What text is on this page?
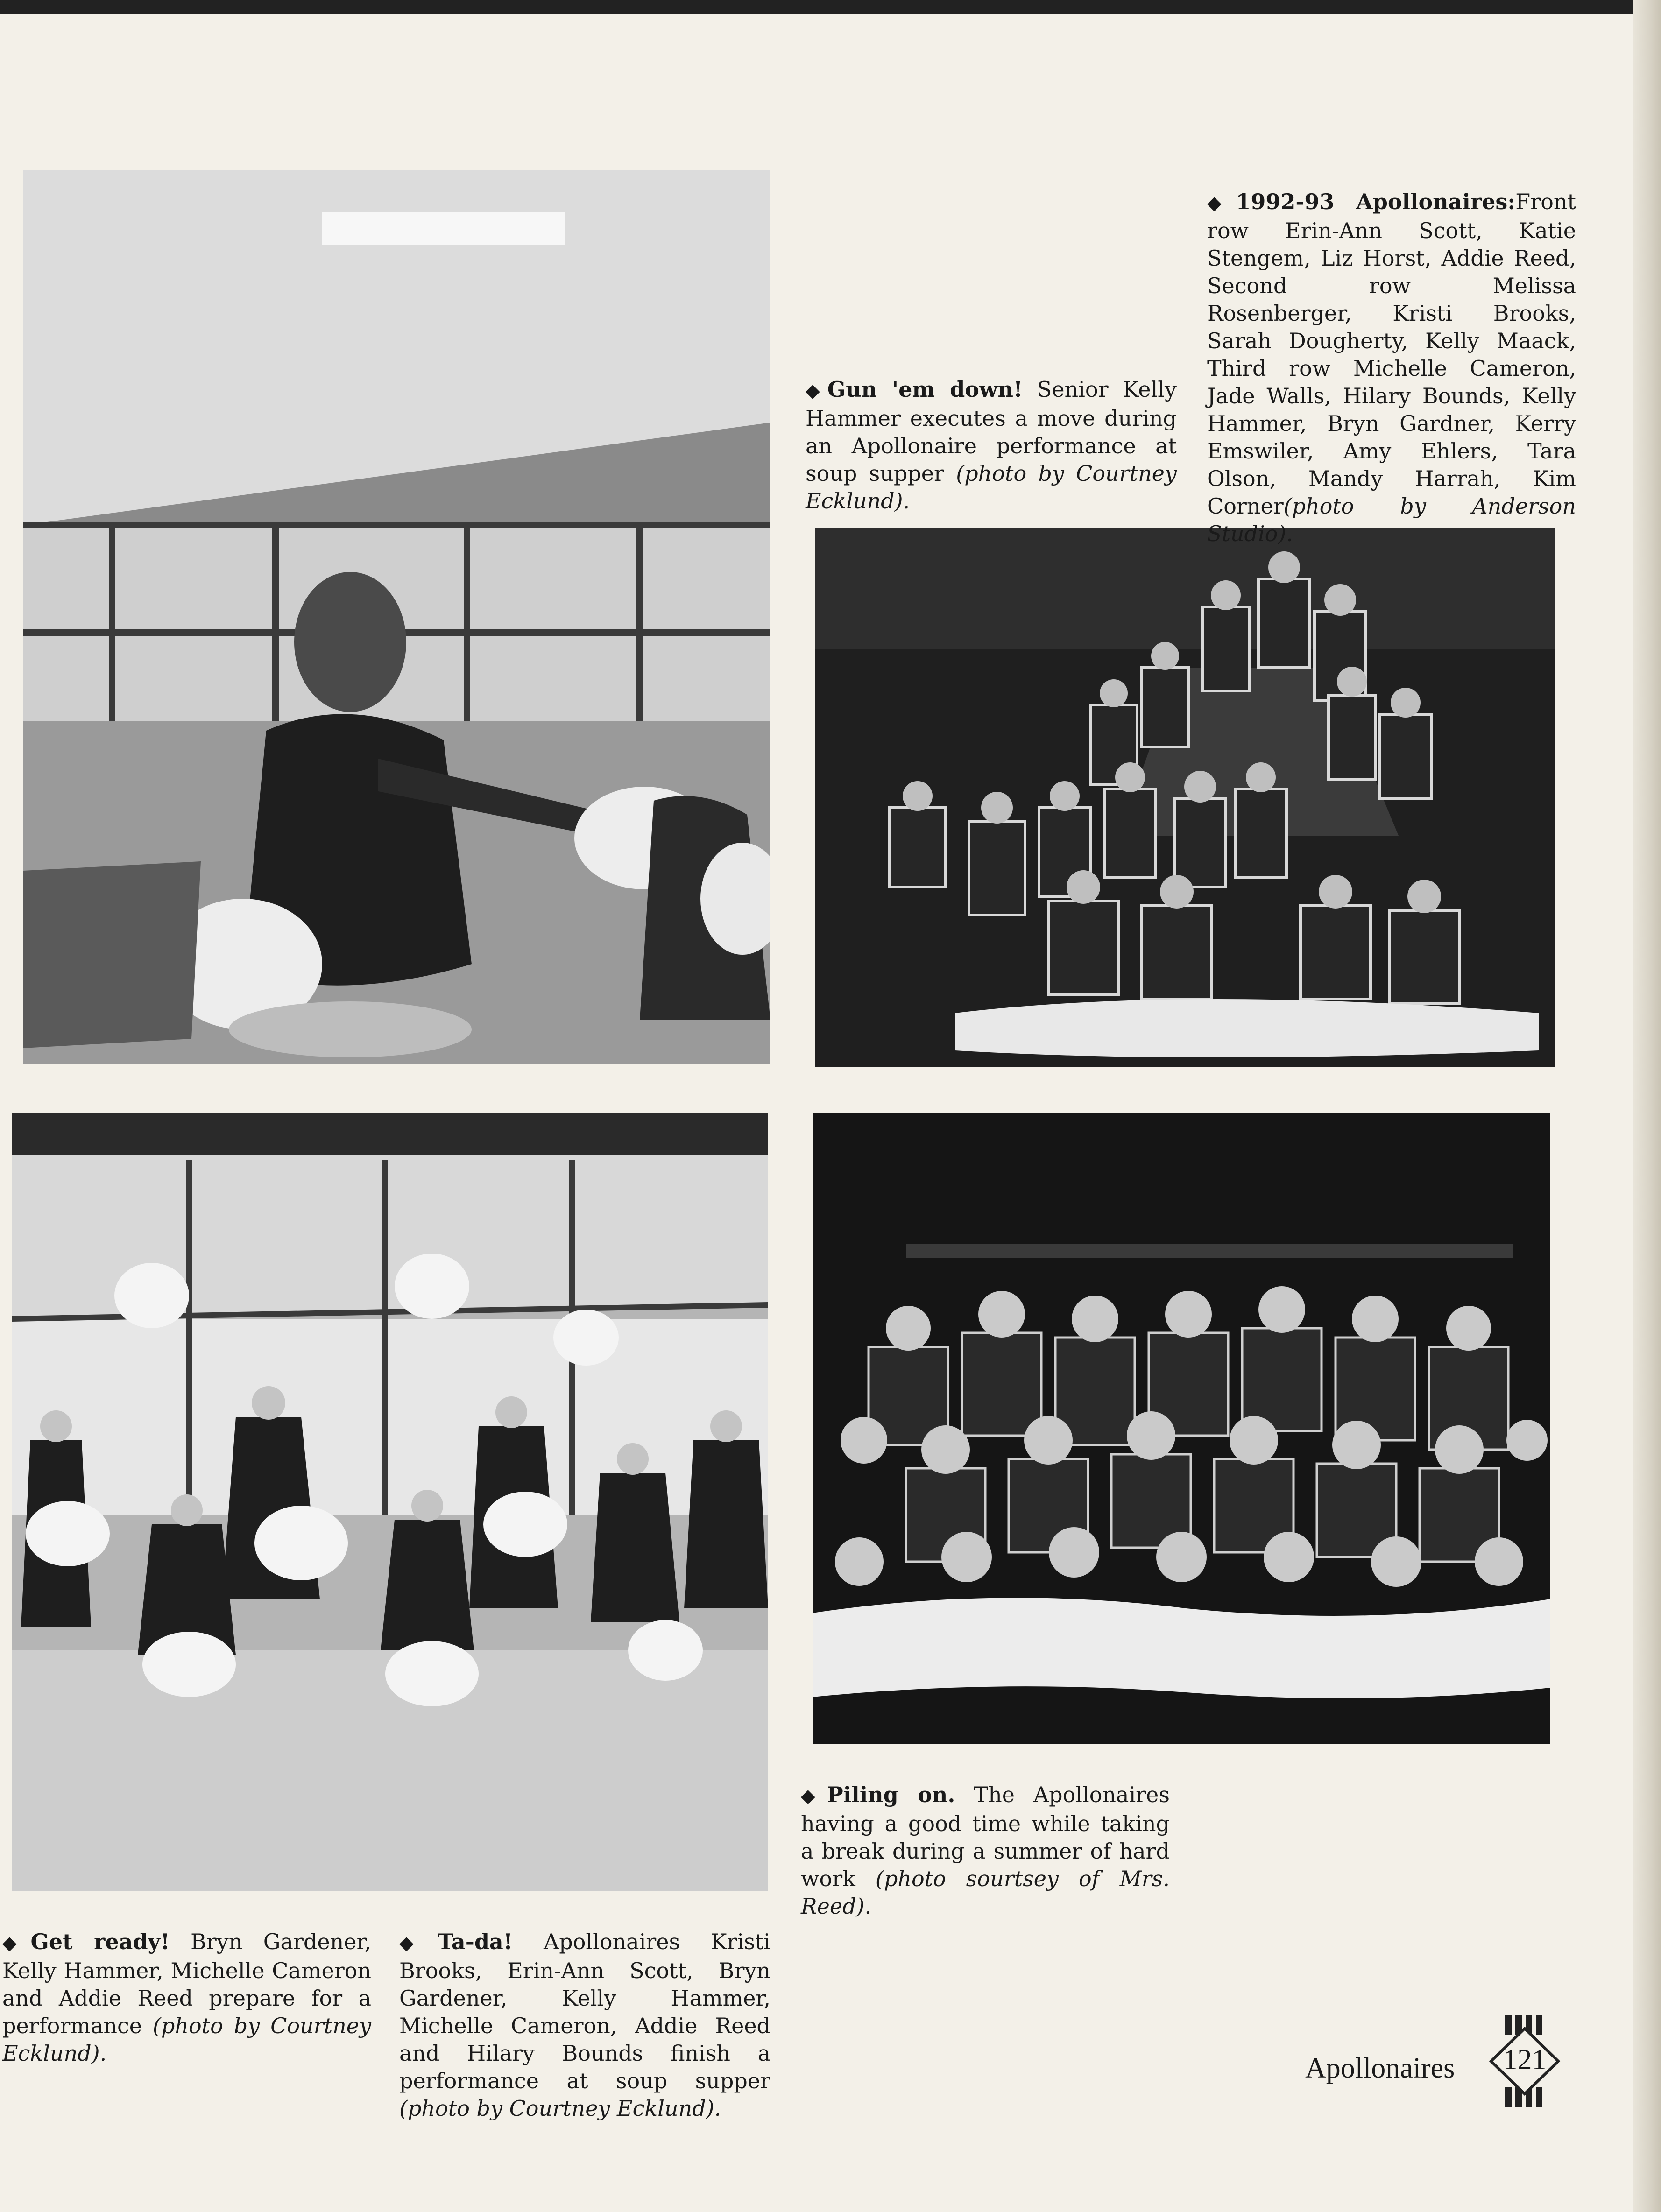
◆Gun 'em down! Senior Kelly Hammer executes a move during an Apollonaire performance at soup supper (photo by Courtney Ecklund).
◆1992-93 Apollonaires:Front row Erin-Ann Scott, Katie Stengem, Liz Horst, Addie Reed, Second row Melissa Rosenberger, Kristi Brooks, Sarah Dougherty, Kelly Maack, Third row Michelle Cameron, Jade Walls, Hilary Bounds, Kelly Hammer, Bryn Gardner, Kerry Emswiler, Amy Ehlers, Tara Olson, Mandy Harrah, Kim Corner(photo by Anderson Studio).
◆Piling on. The Apollonaires having a good time while taking a break during a summer of hard work (photo sourtsey of Mrs. Reed).
◆Get ready! Bryn Gardener, Kelly Hammer, Michelle Cameron and Addie Reed prepare for a performance (photo by Courtney Ecklund).
◆Ta-da! Apollonaires Kristi Brooks, Erin-Ann Scott, Bryn Gardener, Kelly Hammer, Michelle Cameron, Addie Reed and Hilary Bounds finish a performance at soup supper (photo by Courtney Ecklund).
Apollonaires	121
